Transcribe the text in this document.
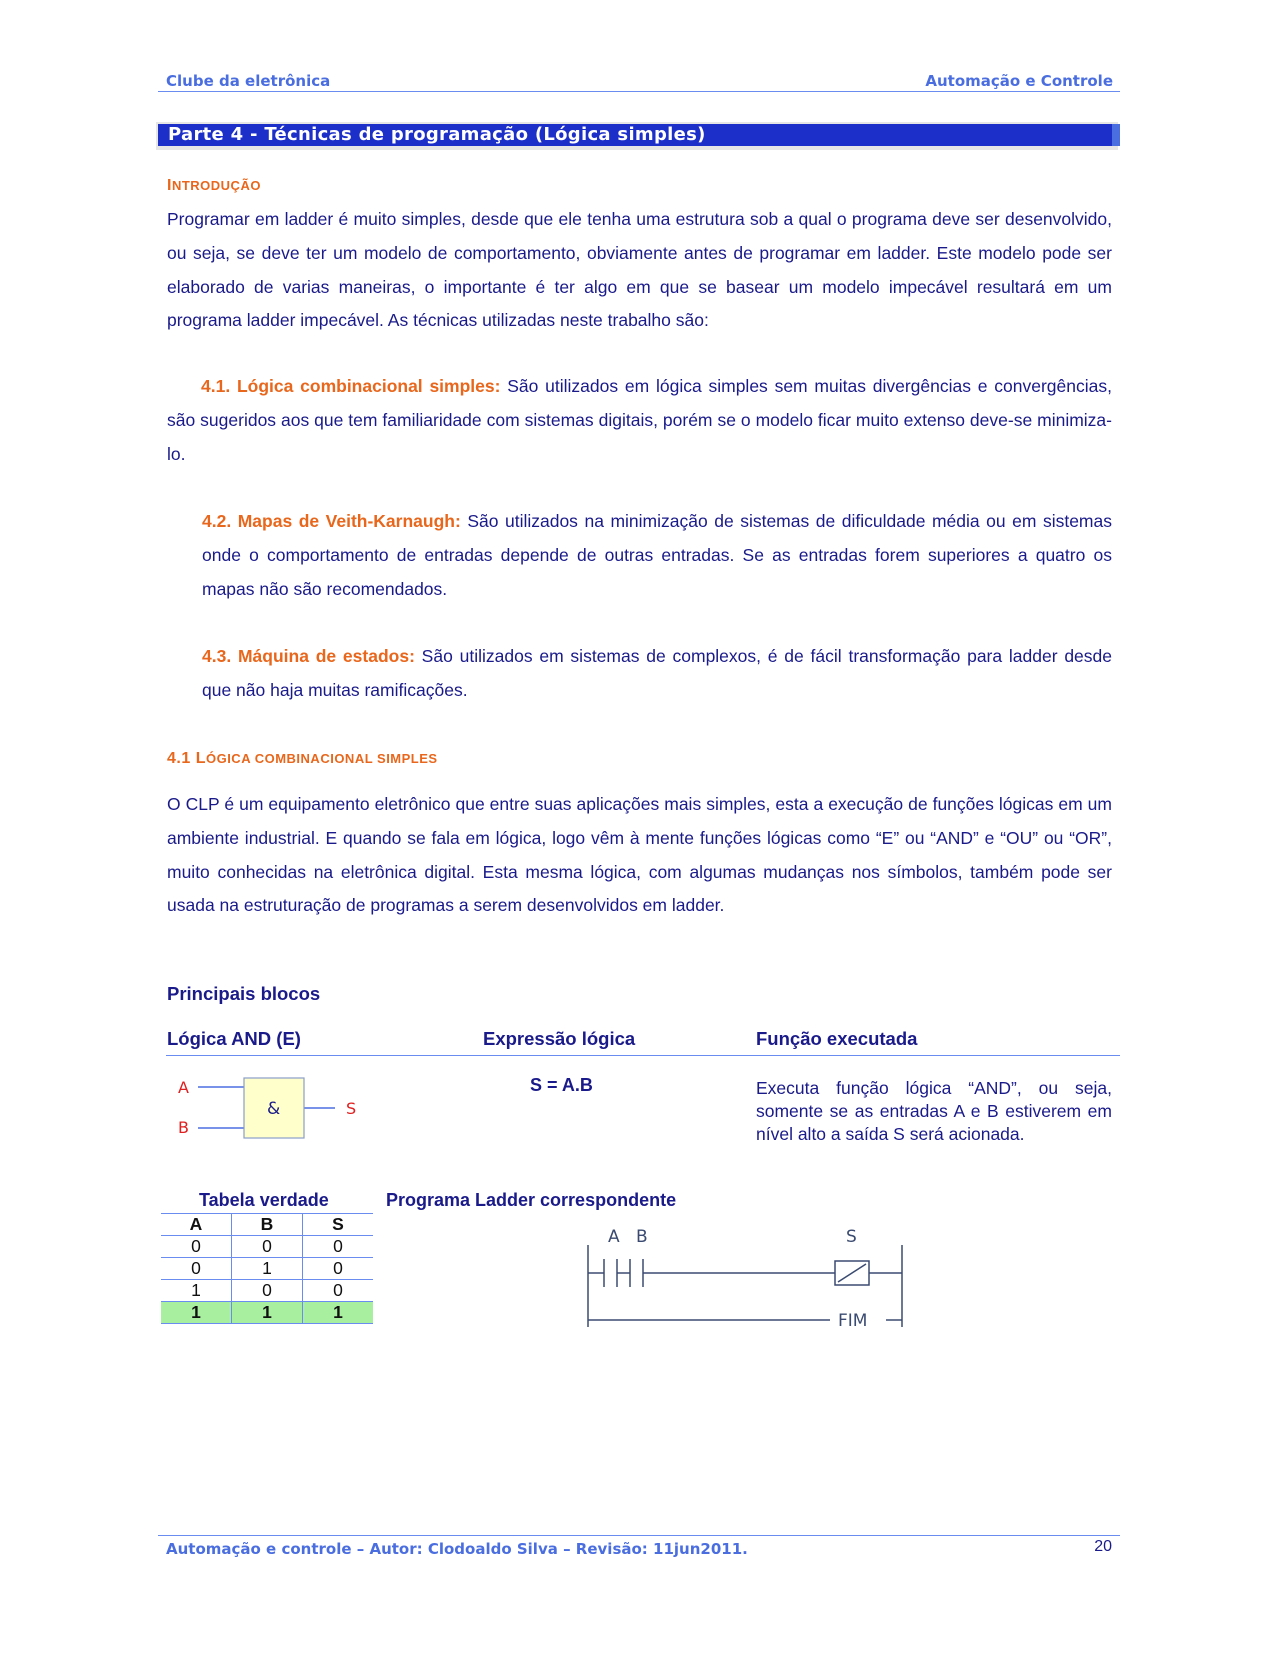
Clube da eletrônica	Automação e Controle
Parte 4 - Técnicas de programação (Lógica simples)
INTRODUÇÃO

Programar em ladder é muito simples, desde que ele tenha uma estrutura sob a qual o programa deve ser desenvolvido, ou seja, se deve ter um modelo de comportamento, obviamente antes de programar em ladder. Este modelo pode ser elaborado de varias maneiras, o importante é ter algo em que se basear um modelo impecável resultará em um programa ladder impecável. As técnicas utilizadas neste trabalho são:

4.1. Lógica combinacional simples: São utilizados em lógica simples sem muitas divergências e convergências, são sugeridos aos que tem familiaridade com sistemas digitais, porém se o modelo ficar muito extenso deve-se minimiza-lo.

4.2. Mapas de Veith-Karnaugh: São utilizados na minimização de sistemas de dificuldade média ou em sistemas onde o comportamento de entradas depende de outras entradas. Se as entradas forem superiores a quatro os mapas não são recomendados.

4.3. Máquina de estados: São utilizados em sistemas de complexos, é de fácil transformação para ladder desde que não haja muitas ramificações.

4.1 LÓGICA COMBINACIONAL SIMPLES

O CLP é um equipamento eletrônico que entre suas aplicações mais simples, esta a execução de funções lógicas em um ambiente industrial. E quando se fala em lógica, logo vêm à mente funções lógicas como “E” ou “AND” e “OU” ou “OR”, muito conhecidas na eletrônica digital. Esta mesma lógica, com algumas mudanças nos símbolos, também pode ser usada na estruturação de programas a serem desenvolvidos em ladder.

Principais blocos
Lógica AND (E)	Expressão lógica	Função executada
A
B
&	S
S = A.B	Executa função lógica “AND”, ou seja, somente se as entradas A e B estiverem em nível alto a saída S será acionada.

Tabela verdade
A	B	S
0	0	0
0	1	0
1	0	0
1	1	1
Programa Ladder correspondente
A B	S
FIM
Automação e controle – Autor: Clodoaldo Silva – Revisão: 11jun2011.	20
